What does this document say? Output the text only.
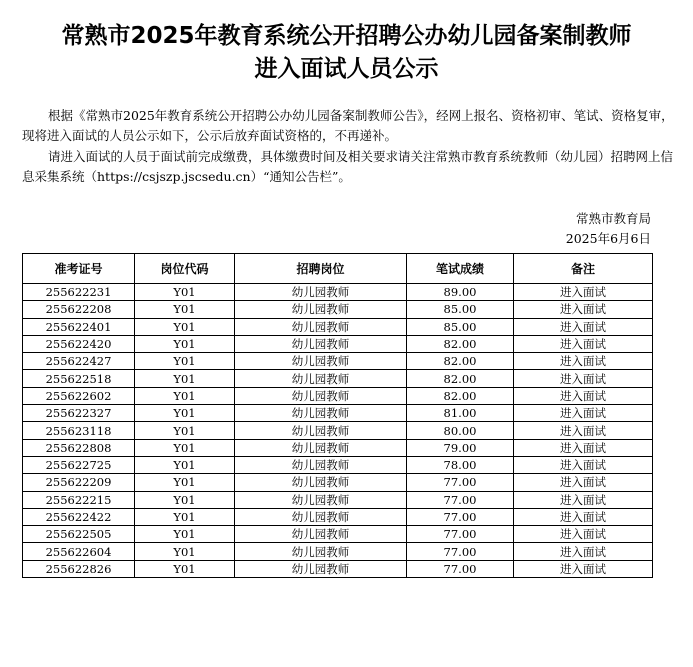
常熟市2025年教育系统公开招聘公办幼儿园备案制教师
进入面试人员公示
根据《常熟市2025年教育系统公开招聘公办幼儿园备案制教师公告》，经网上报名、资格初审、笔试、资格复审，现将进入面试的人员公示如下，公示后放弃面试资格的，不再递补。
请进入面试的人员于面试前完成缴费，具体缴费时间及相关要求请关注常熟市教育系统教师（幼儿园）招聘网上信息采集系统（https://csjszp.jscsedu.cn）“通知公告栏”。
常熟市教育局
2025年6月6日
准考证号	岗位代码	招聘岗位	笔试成绩	备注
255622231	Y01	幼儿园教师	89.00	进入面试
255622208	Y01	幼儿园教师	85.00	进入面试
255622401	Y01	幼儿园教师	85.00	进入面试
255622420	Y01	幼儿园教师	82.00	进入面试
255622427	Y01	幼儿园教师	82.00	进入面试
255622518	Y01	幼儿园教师	82.00	进入面试
255622602	Y01	幼儿园教师	82.00	进入面试
255622327	Y01	幼儿园教师	81.00	进入面试
255623118	Y01	幼儿园教师	80.00	进入面试
255622808	Y01	幼儿园教师	79.00	进入面试
255622725	Y01	幼儿园教师	78.00	进入面试
255622209	Y01	幼儿园教师	77.00	进入面试
255622215	Y01	幼儿园教师	77.00	进入面试
255622422	Y01	幼儿园教师	77.00	进入面试
255622505	Y01	幼儿园教师	77.00	进入面试
255622604	Y01	幼儿园教师	77.00	进入面试
255622826	Y01	幼儿园教师	77.00	进入面试
